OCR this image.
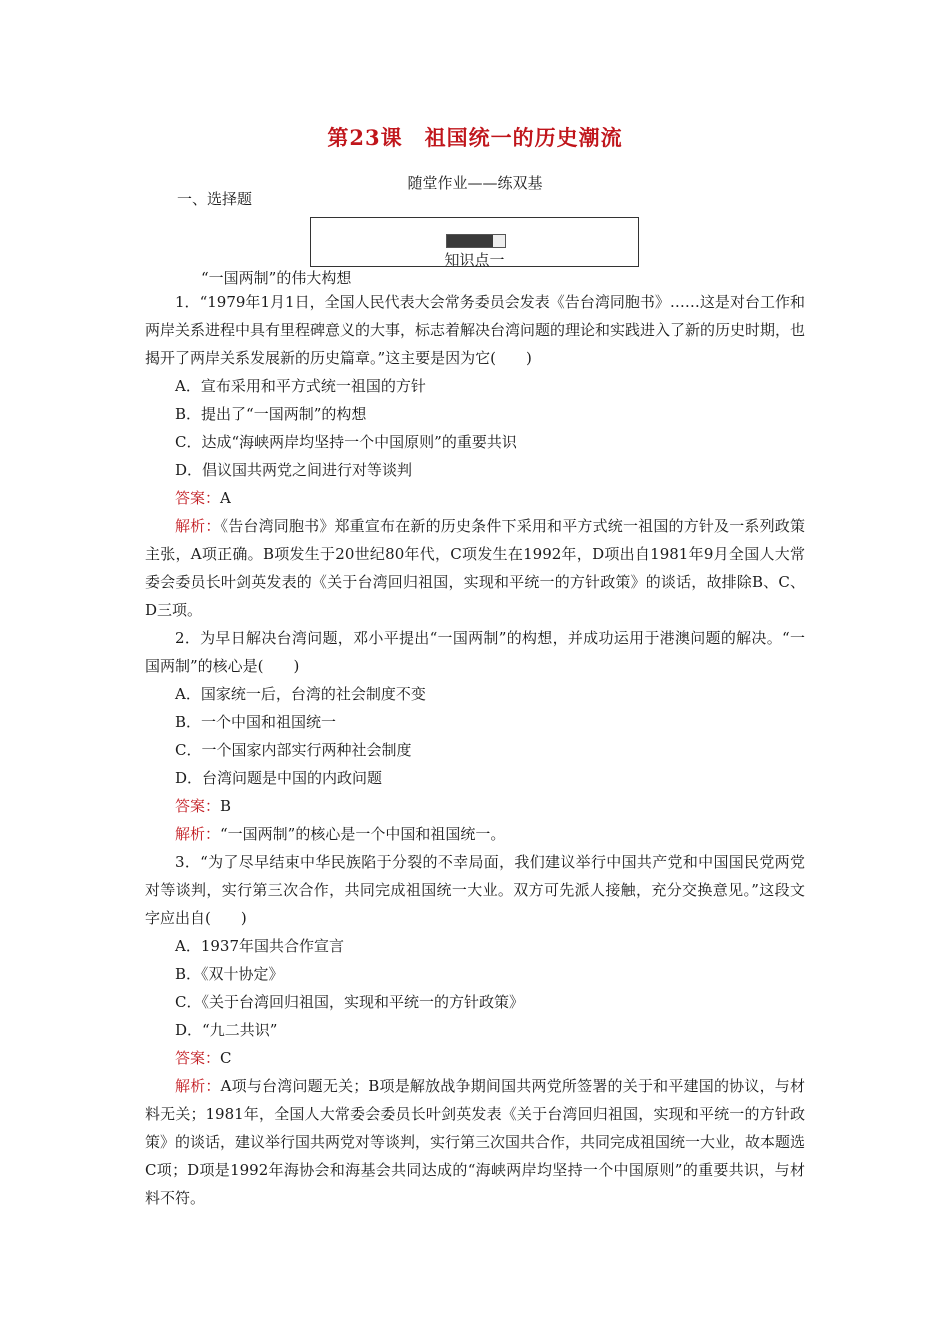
第23课　祖国统一的历史潮流
随堂作业——练双基
一、选择题
知识点一
“一国两制”的伟大构想

1．“1979年1月1日，全国人民代表大会常务委员会发表《告台湾同胞书》……这是对台工作和两岸关系进程中具有里程碑意义的大事，标志着解决台湾问题的理论和实践进入了新的历史时期，也揭开了两岸关系发展新的历史篇章。”这主要是因为它(　　)

A．宣布采用和平方式统一祖国的方针

B．提出了“一国两制”的构想

C．达成“海峡两岸均坚持一个中国原则”的重要共识

D．倡议国共两党之间进行对等谈判

答案：A

解析：《告台湾同胞书》郑重宣布在新的历史条件下采用和平方式统一祖国的方针及一系列政策主张，A项正确。B项发生于20世纪80年代，C项发生在1992年，D项出自1981年9月全国人大常委会委员长叶剑英发表的《关于台湾回归祖国，实现和平统一的方针政策》的谈话，故排除B、C、D三项。

2．为早日解决台湾问题，邓小平提出“一国两制”的构想，并成功运用于港澳问题的解决。“一国两制”的核心是(　　)

A．国家统一后，台湾的社会制度不变

B．一个中国和祖国统一

C．一个国家内部实行两种社会制度

D．台湾问题是中国的内政问题

答案：B

解析：“一国两制”的核心是一个中国和祖国统一。

3．“为了尽早结束中华民族陷于分裂的不幸局面，我们建议举行中国共产党和中国国民党两党对等谈判，实行第三次合作，共同完成祖国统一大业。双方可先派人接触，充分交换意见。”这段文字应出自(　　)

A．1937年国共合作宣言

B．《双十协定》

C．《关于台湾回归祖国，实现和平统一的方针政策》

D．“九二共识”

答案：C

解析：A项与台湾问题无关；B项是解放战争期间国共两党所签署的关于和平建国的协议，与材料无关；1981年，全国人大常委会委员长叶剑英发表《关于台湾回归祖国，实现和平统一的方针政策》的谈话，建议举行国共两党对等谈判，实行第三次国共合作，共同完成祖国统一大业，故本题选C项；D项是1992年海协会和海基会共同达成的“海峡两岸均坚持一个中国原则”的重要共识，与材料不符。
